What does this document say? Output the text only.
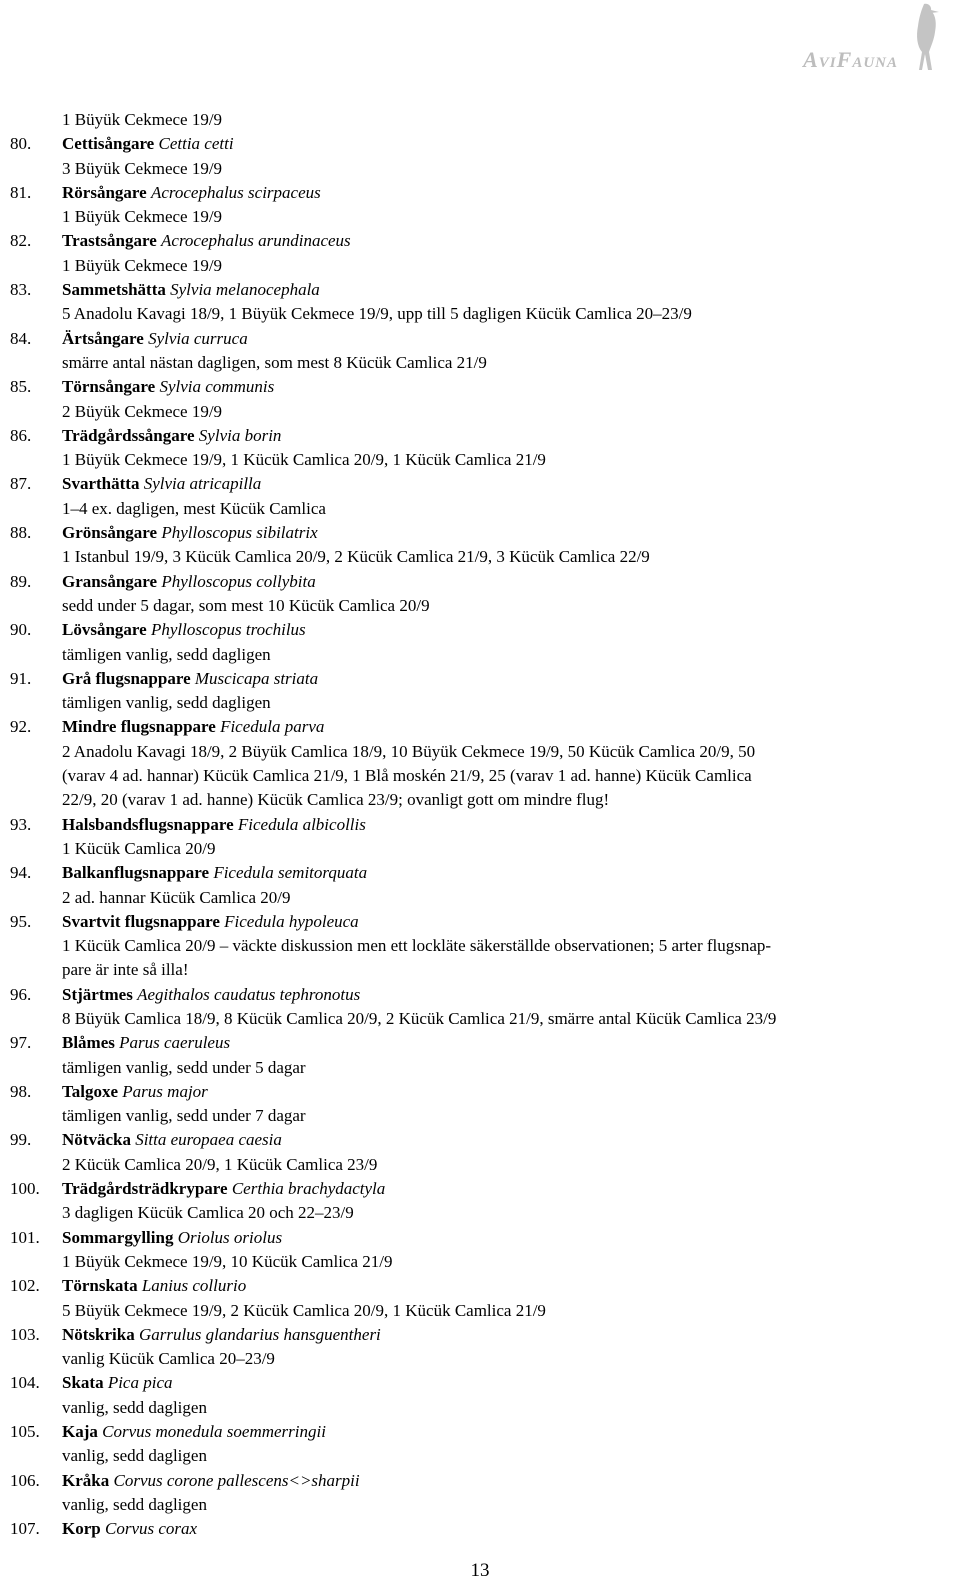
AviFauna
1 Büyük Cekmece 19/9
80. Cettisångare Cettia cetti
3 Büyük Cekmece 19/9
81. Rörsångare Acrocephalus scirpaceus
1 Büyük Cekmece 19/9
82. Trastsångare Acrocephalus arundinaceus
1 Büyük Cekmece 19/9
83. Sammetshätta Sylvia melanocephala
5 Anadolu Kavagi 18/9, 1 Büyük Cekmece 19/9, upp till 5 dagligen Kücük Camlica 20–23/9
84. Ärtsångare Sylvia curruca
smärre antal nästan dagligen, som mest 8 Kücük Camlica 21/9
85. Törnsångare Sylvia communis
2 Büyük Cekmece 19/9
86. Trädgårdssångare Sylvia borin
1 Büyük Cekmece 19/9, 1 Kücük Camlica 20/9, 1 Kücük Camlica 21/9
87. Svarthätta Sylvia atricapilla
1–4 ex. dagligen, mest Kücük Camlica
88. Grönsångare Phylloscopus sibilatrix
1 Istanbul 19/9, 3 Kücük Camlica 20/9, 2 Kücük Camlica 21/9, 3 Kücük Camlica 22/9
89. Gransångare Phylloscopus collybita
sedd under 5 dagar, som mest 10 Kücük Camlica 20/9
90. Lövsångare Phylloscopus trochilus
tämligen vanlig, sedd dagligen
91. Grå flugsnappare Muscicapa striata
tämligen vanlig, sedd dagligen
92. Mindre flugsnappare Ficedula parva
2 Anadolu Kavagi 18/9, 2 Büyük Camlica 18/9, 10 Büyük Cekmece 19/9, 50 Kücük Camlica 20/9, 50
(varav 4 ad. hannar) Kücük Camlica 21/9, 1 Blå moskén 21/9, 25 (varav 1 ad. hanne) Kücük Camlica
22/9, 20 (varav 1 ad. hanne) Kücük Camlica 23/9; ovanligt gott om mindre flug!
93. Halsbandsflugsnappare Ficedula albicollis
1 Kücük Camlica 20/9
94. Balkanflugsnappare Ficedula semitorquata
2 ad. hannar Kücük Camlica 20/9
95. Svartvit flugsnappare Ficedula hypoleuca
1 Kücük Camlica 20/9 – väckte diskussion men ett lockläte säkerställde observationen; 5 arter flugsnap-
pare är inte så illa!
96. Stjärtmes Aegithalos caudatus tephronotus
8 Büyük Camlica 18/9, 8 Kücük Camlica 20/9, 2 Kücük Camlica 21/9, smärre antal Kücük Camlica 23/9
97. Blåmes Parus caeruleus
tämligen vanlig, sedd under 5 dagar
98. Talgoxe Parus major
tämligen vanlig, sedd under 7 dagar
99. Nötväcka Sitta europaea caesia
2 Kücük Camlica 20/9, 1 Kücük Camlica 23/9
100. Trädgårdsträdkrypare Certhia brachydactyla
3 dagligen Kücük Camlica 20 och 22–23/9
101. Sommargylling Oriolus oriolus
1 Büyük Cekmece 19/9, 10 Kücük Camlica 21/9
102. Törnskata Lanius collurio
5 Büyük Cekmece 19/9, 2 Kücük Camlica 20/9, 1 Kücük Camlica 21/9
103. Nötskrika Garrulus glandarius hansguentheri
vanlig Kücük Camlica 20–23/9
104. Skata Pica pica
vanlig, sedd dagligen
105. Kaja Corvus monedula soemmerringii
vanlig, sedd dagligen
106. Kråka Corvus corone pallescens<>sharpii
vanlig, sedd dagligen
107. Korp Corvus corax
13
